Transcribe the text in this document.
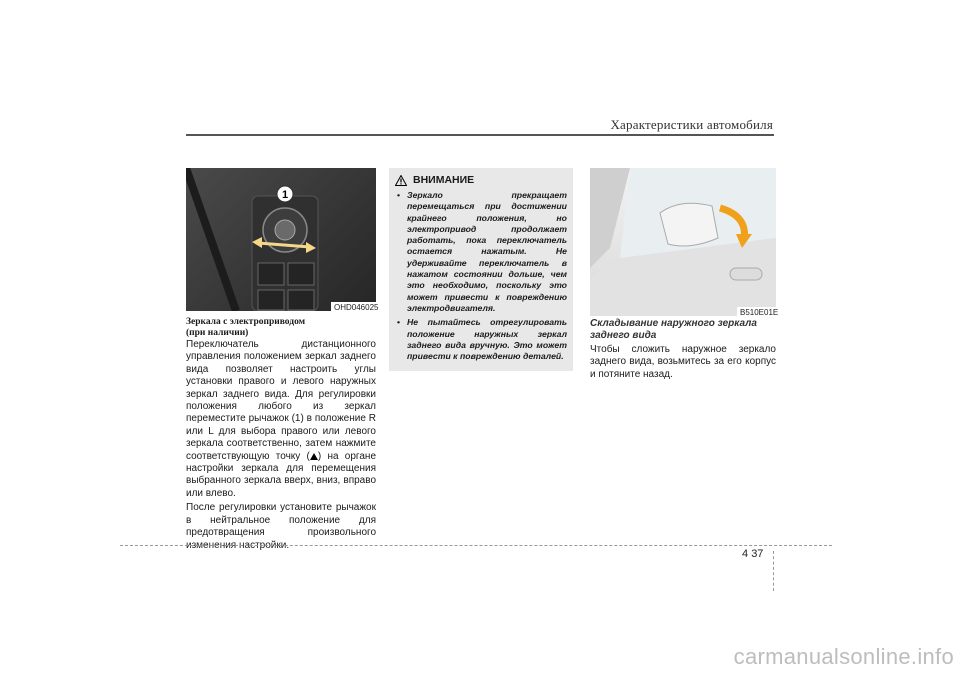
Характеристики автомобиля
1
OHD046025

Зеркала с электроприводом

(при наличии)

Переключатель дистанционного управления положением зеркал заднего вида позволяет настроить углы установки правого и левого наружных зеркал заднего вида. Для регулировки положения любого из зеркал переместите рычажок (1) в положение R или L для выбора правого или левого зеркала соответственно, затем нажмите соответствующую точку ( ) на органе настройки зеркала для перемещения выбранного зеркала вверх, вниз, вправо или влево.

После регулировки установите рычажок в нейтральное положение для предотвращения произвольного изменения настройки.

ВНИМАНИЕ
• Зеркало прекращает перемещаться при достижении крайнего положения, но электропривод продолжает работать, пока переключатель остается нажатым. Не удерживайте переключатель в нажатом состоянии дольше, чем это необходимо, поскольку это может привести к повреждению электродвигателя.
• Не пытайтесь отрегулировать положение наружных зеркал заднего вида вручную. Это может привести к повреждению деталей.
B510E01E

Складывание наружного зеркала заднего вида

Чтобы сложить наружное зеркало заднего вида, возьмитесь за его корпус и потяните назад.

4 37
carmanualsonline.info
